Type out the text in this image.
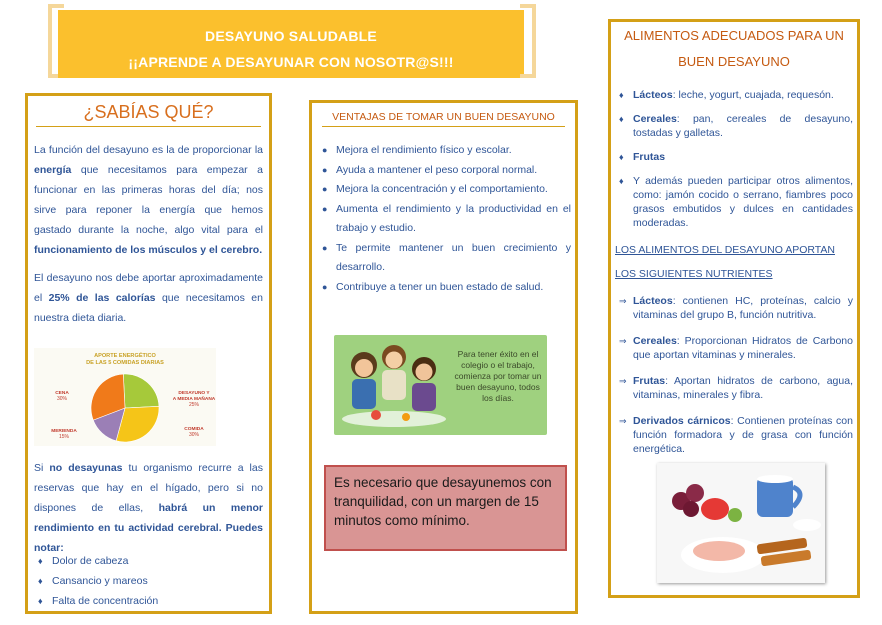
DESAYUNO SALUDABLE
¡¡APRENDE A DESAYUNAR CON NOSOTR@S!!!
¿SABÍAS QUÉ?
La función del desayuno es la de proporcionar la energía que necesitamos para empezar a funcionar en las primeras horas del día; nos sirve para reponer la energía que hemos gastado durante la noche, algo vital para el funcionamiento de los músculos y el cerebro.
El desayuno nos debe aportar aproximadamente el 25% de las calorías que necesitamos en nuestra dieta diaria.
APORTE ENERGÉTICO
DE LAS 5 COMIDAS DIARIAS
DESAYUNO Y
A MEDIA MAÑANA
25%
COMIDA
30%
MERIENDA
15%
CENA
30%
Si no desayunas tu organismo recurre a las reservas que hay en el hígado, pero si no dispones de ellas, habrá un menor rendimiento en tu actividad cerebral. Puedes notar:
♦ Dolor de cabeza
♦ Cansancio y mareos
♦ Falta de concentración
VENTAJAS DE TOMAR UN BUEN DESAYUNO
● Mejora el rendimiento físico y escolar.
● Ayuda a mantener el peso corporal normal.
● Mejora la concentración y el comportamiento.
● Aumenta el rendimiento y la productividad en el trabajo y estudio.
● Te permite mantener un buen crecimiento y desarrollo.
● Contribuye a tener un buen estado de salud.
Para tener éxito en el colegio o el trabajo, comienza por tomar un buen desayuno, todos los días.
Es necesario que desayunemos con tranquilidad, con un margen de 15 minutos como mínimo.
ALIMENTOS ADECUADOS PARA UN
BUEN DESAYUNO
♦ Lácteos: leche, yogurt, cuajada, requesón.
♦ Cereales: pan, cereales de desayuno, tostadas y galletas.
♦ Frutas
♦ Y además pueden participar otros alimentos, como: jamón cocido o serrano, fiambres poco grasos embutidos y dulces en cantidades moderadas.
LOS ALIMENTOS DEL DESAYUNO APORTAN LOS SIGUIENTES NUTRIENTES
⇒ Lácteos: contienen HC, proteínas, calcio y vitaminas del grupo B, función nutritiva.
⇒ Cereales: Proporcionan Hidratos de Carbono que aportan vitaminas y minerales.
⇒ Frutas: Aportan hidratos de carbono, agua, vitaminas, minerales y fibra.
⇒ Derivados cárnicos: Contienen proteínas con función formadora y de grasa con función energética.
